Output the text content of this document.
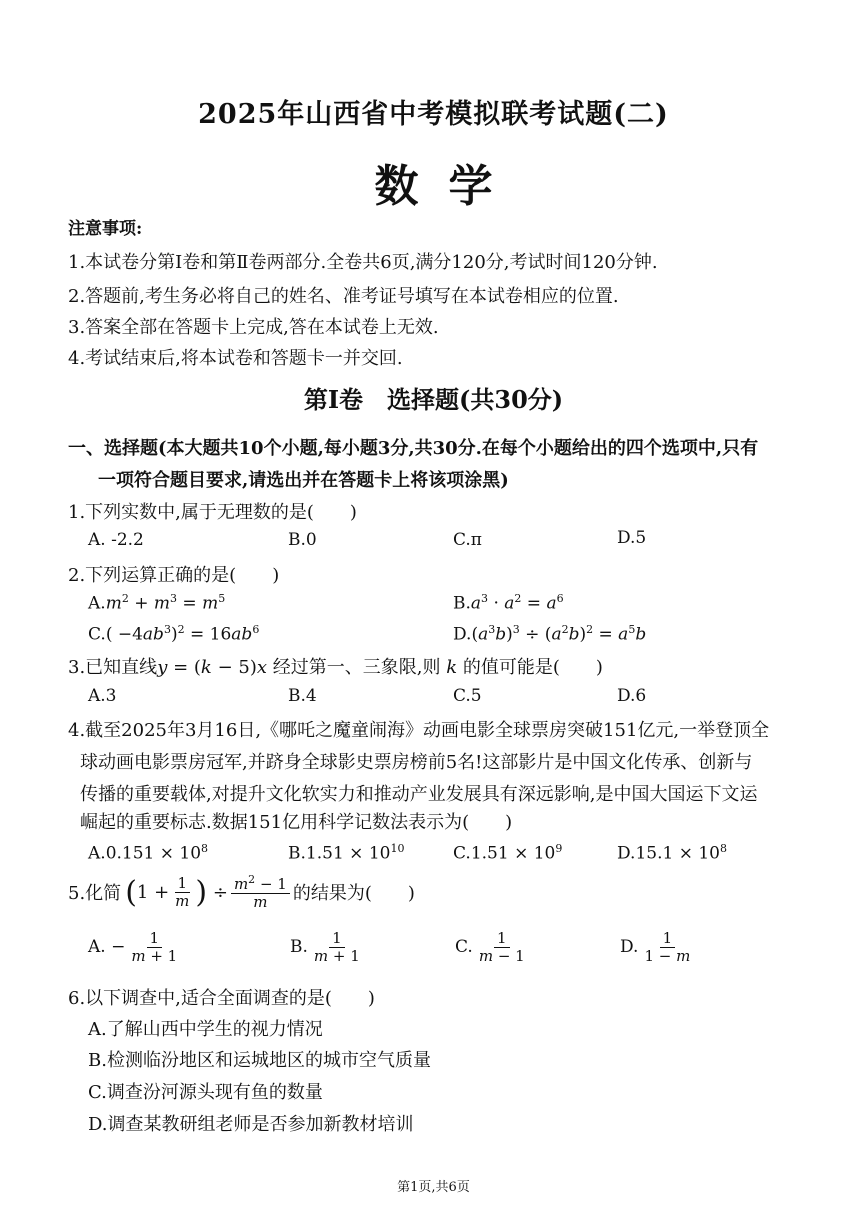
2025年山西省中考模拟联考试题(二)
数学
注意事项:
1.本试卷分第Ⅰ卷和第Ⅱ卷两部分.全卷共6页,满分120分,考试时间120分钟.
2.答题前,考生务必将自己的姓名、准考证号填写在本试卷相应的位置.
3.答案全部在答题卡上完成,答在本试卷上无效.
4.考试结束后,将本试卷和答题卡一并交回.
第Ⅰ卷　选择题(共30分)
一、选择题(本大题共10个小题,每小题3分,共30分.在每个小题给出的四个选项中,只有
一项符合题目要求,请选出并在答题卡上将该项涂黑)
1.下列实数中,属于无理数的是(　　)
A. -2.2	B.0	C.π	D.5
2.下列运算正确的是(　　)
$A.m^2 + m^3 = m^5$	$B.a^3 \cdot a^2 = a^6$
$C.( -4ab^3)^2 = 16ab^6$	$D.(a^3b)^3 \div (a^2b)^2 = a^5b$
3.已知直线y = (k − 5)x 经过第一、三象限,则 k 的值可能是(　　)
A.3	B.4	C.5	D.6
4.截至2025年3月16日,《哪吒之魔童闹海》动画电影全球票房突破151亿元,一举登顶全
球动画电影票房冠军,并跻身全球影史票房榜前5名!这部影片是中国文化传承、创新与
传播的重要载体,对提升文化软实力和推动产业发展具有深远影响,是中国大国运下文运
崛起的重要标志.数据151亿用科学记数法表示为(　　)
$A.0.151 \times 10^8$	$B.1.51 \times 10^{10}$	$C.1.51 \times 10^9$	$D.15.1 \times 10^8$
5.化简 ( $1 + \frac{1}{m}$ ) ÷ $\frac{m^2 - 1}{m}$ 的结果为(　　)
A. − $\frac{1}{m + 1}$	B. $\frac{1}{m + 1}$	C. $\frac{1}{m - 1}$	D. $\frac{1}{1 - m}$
6.以下调查中,适合全面调查的是(　　)
A.了解山西中学生的视力情况
B.检测临汾地区和运城地区的城市空气质量
C.调查汾河源头现有鱼的数量
D.调查某教研组老师是否参加新教材培训
第1页,共6页
